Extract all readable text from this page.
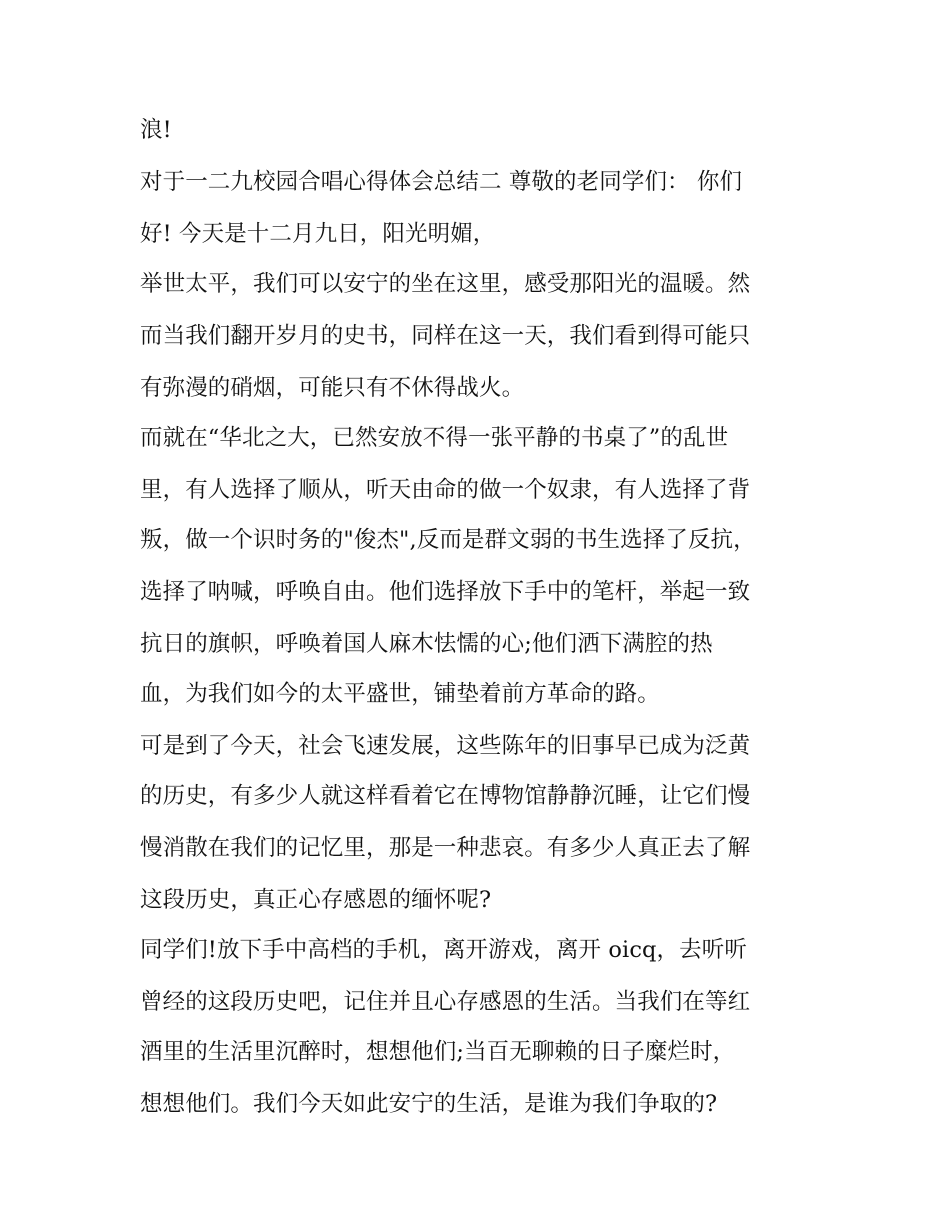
浪!
对于一二九校园合唱心得体会总结二 尊敬的老同学们： 你们
好! 今天是十二月九日，阳光明媚，
举世太平，我们可以安宁的坐在这里，感受那阳光的温暖。然
而当我们翻开岁月的史书，同样在这一天，我们看到得可能只
有弥漫的硝烟，可能只有不休得战火。
而就在“华北之大，已然安放不得一张平静的书桌了”的乱世
里，有人选择了顺从，听天由命的做一个奴隶，有人选择了背
叛，做一个识时务的"俊杰",反而是群文弱的书生选择了反抗，
选择了呐喊，呼唤自由。他们选择放下手中的笔杆，举起一致
抗日的旗帜，呼唤着国人麻木怯懦的心;他们洒下满腔的热
血，为我们如今的太平盛世，铺垫着前方革命的路。
可是到了今天，社会飞速发展，这些陈年的旧事早已成为泛黄
的历史，有多少人就这样看着它在博物馆静静沉睡，让它们慢
慢消散在我们的记忆里，那是一种悲哀。有多少人真正去了解
这段历史，真正心存感恩的缅怀呢?
同学们!放下手中高档的手机，离开游戏，离开 oicq，去听听
曾经的这段历史吧，记住并且心存感恩的生活。当我们在等红
酒里的生活里沉醉时，想想他们;当百无聊赖的日子糜烂时，
想想他们。我们今天如此安宁的生活，是谁为我们争取的?
